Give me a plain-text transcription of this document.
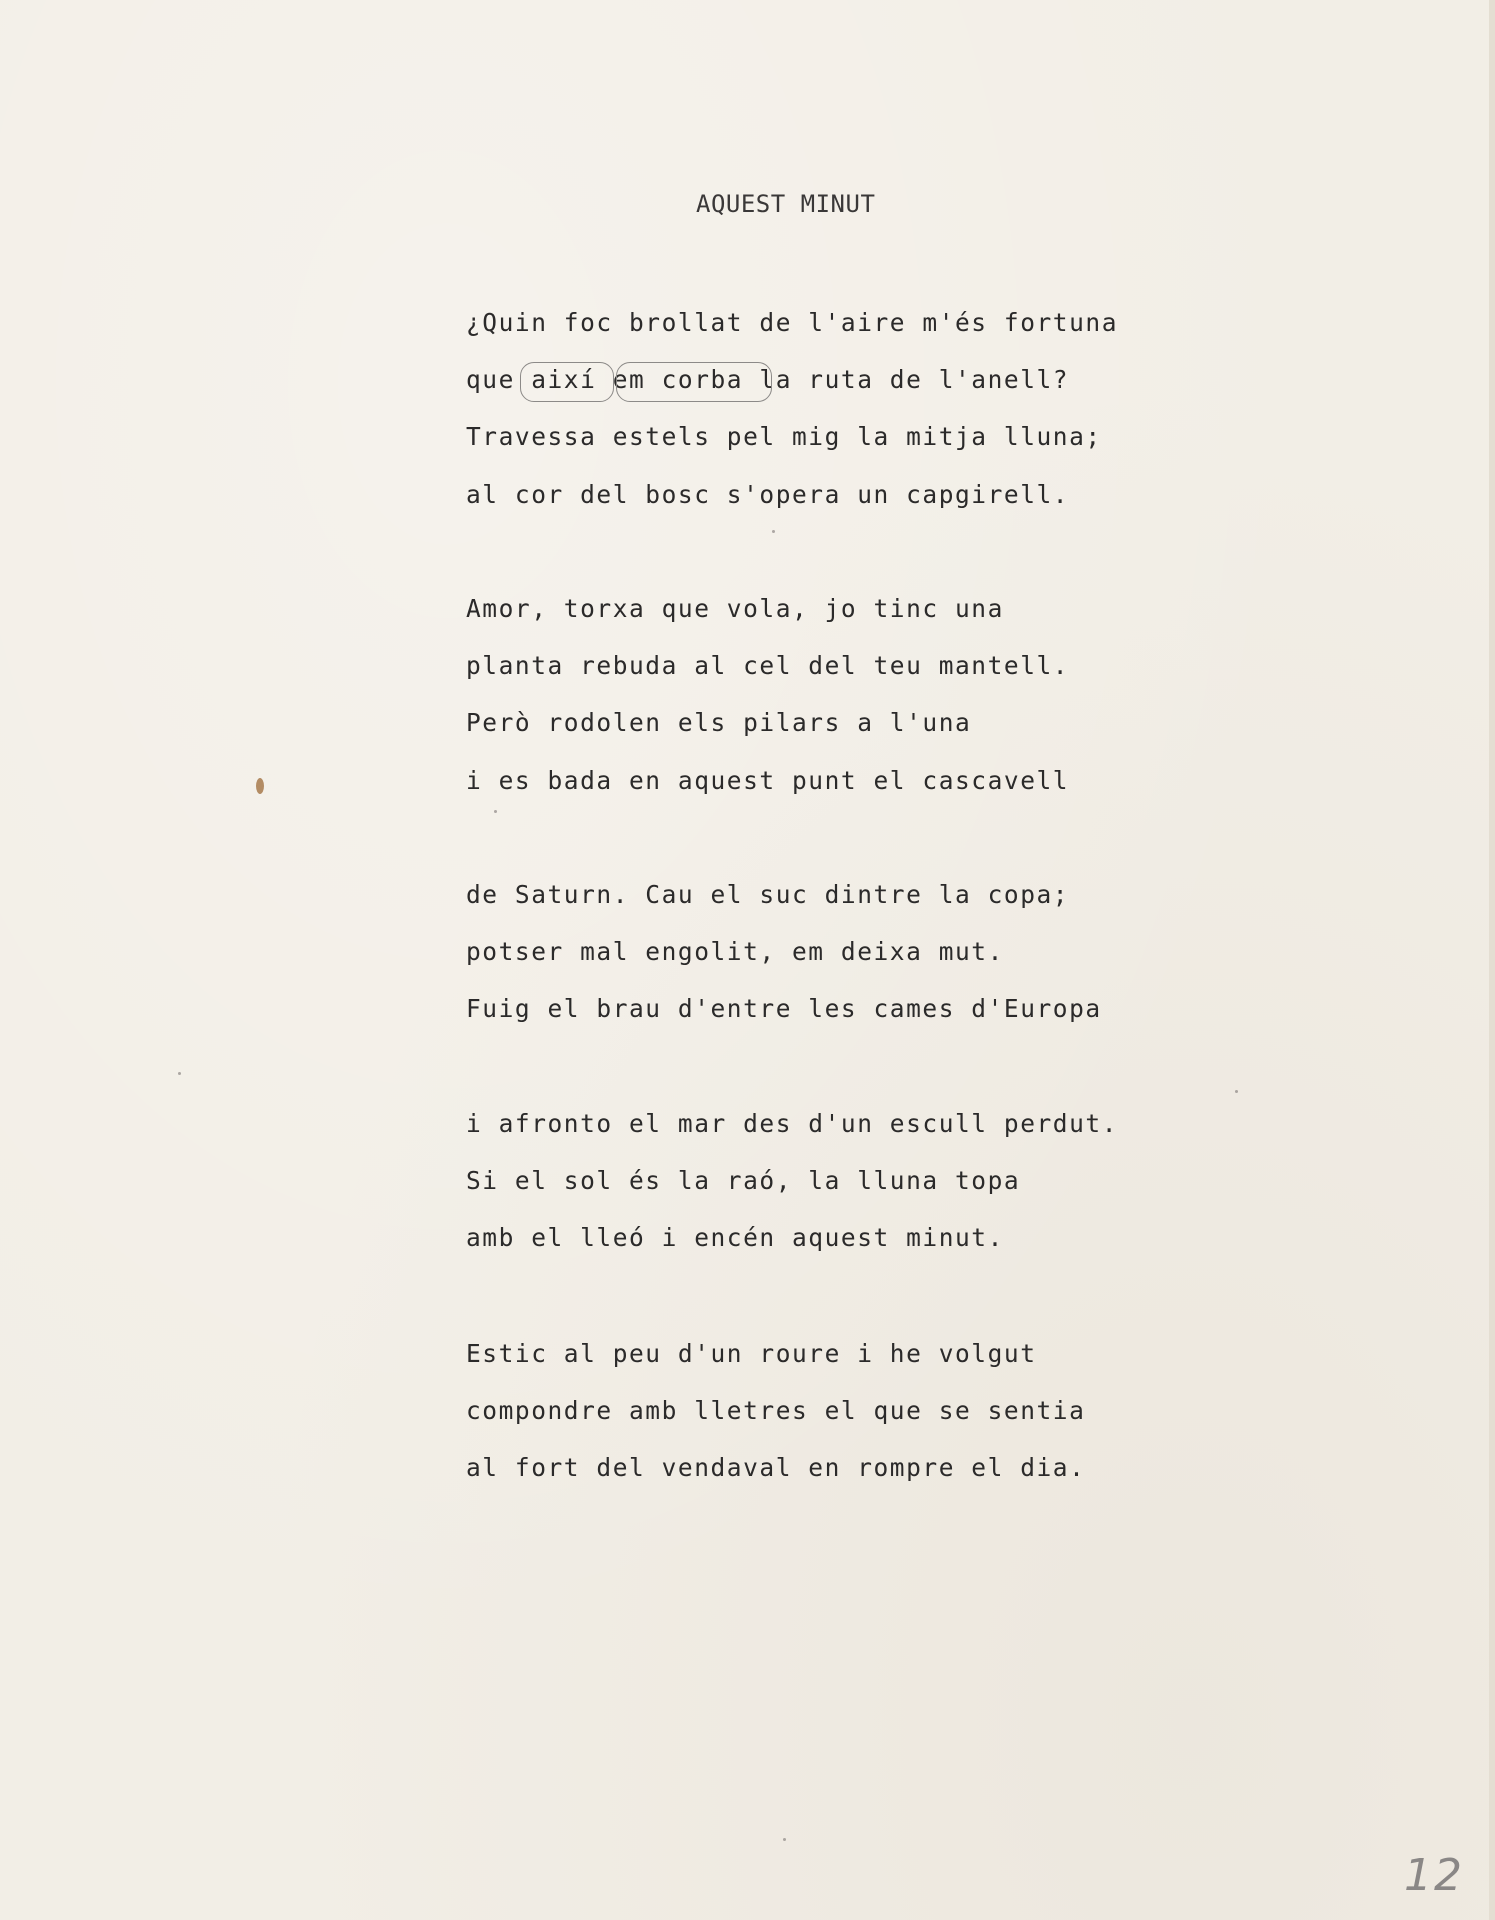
AQUEST MINUT
¿Quin foc brollat de l'aire m'és fortuna
que així em corba la ruta de l'anell?
Travessa estels pel mig la mitja lluna;
al cor del bosc s'opera un capgirell.
Amor, torxa que vola, jo tinc una
planta rebuda al cel del teu mantell.
Però rodolen els pilars a l'una
i es bada en aquest punt el cascavell
de Saturn. Cau el suc dintre la copa;
potser mal engolit, em deixa mut.
Fuig el brau d'entre les cames d'Europa
i afronto el mar des d'un escull perdut.
Si el sol és la raó, la lluna topa
amb el lleó i encén aquest minut.
Estic al peu d'un roure i he volgut
compondre amb lletres el que se sentia
al fort del vendaval en rompre el dia.
12
